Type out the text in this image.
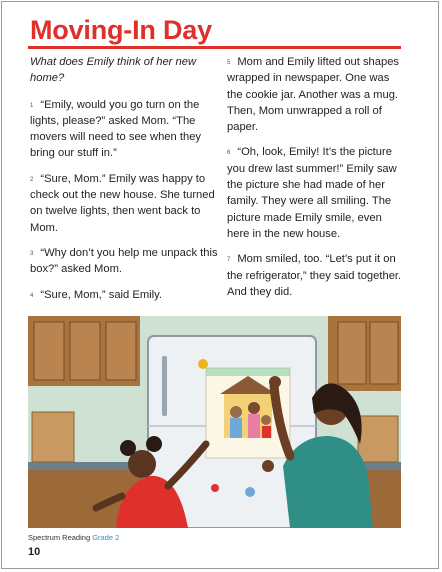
Moving-In Day

What does Emily think of her new home?

$^1$ “Emily, would you go turn on the lights, please?” asked Mom. “The movers will need to see when they bring our stuff in.”

$^2$ “Sure, Mom.” Emily was happy to check out the new house. She turned on twelve lights, then went back to Mom.

$^3$ “Why don’t you help me unpack this box?” asked Mom.

$^4$ “Sure, Mom,” said Emily.

$^5$ Mom and Emily lifted out shapes wrapped in newspaper. One was the cookie jar. Another was a mug. Then, Mom unwrapped a roll of paper.

$^6$ “Oh, look, Emily! It’s the picture you drew last summer!” Emily saw the picture she had made of her family. They were all smiling. The picture made Emily smile, even here in the new house.

$^7$ Mom smiled, too. “Let’s put it on the refrigerator,” they said together. And they did.

Spectrum Reading Grade 2
10
